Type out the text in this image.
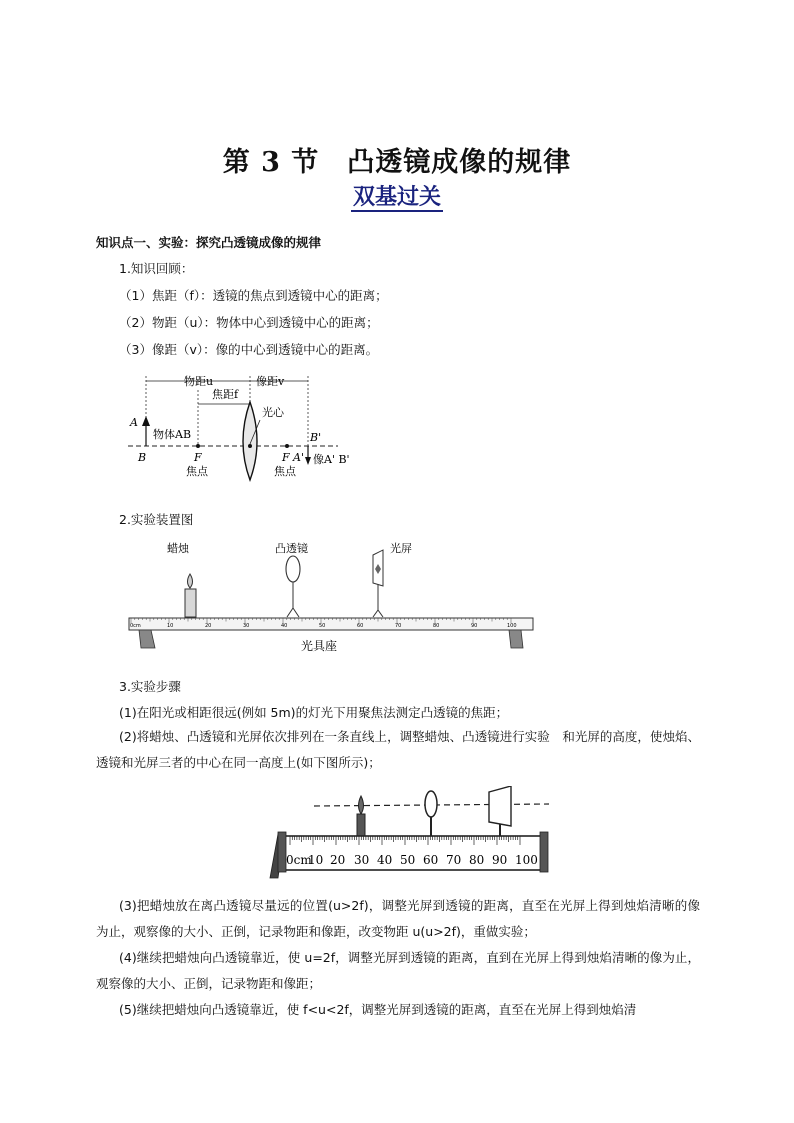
第 3 节 凸透镜成像的规律
双基过关
知识点一、实验：探究凸透镜成像的规律
1.知识回顾：
（1）焦距（f）：透镜的焦点到透镜中心的距离；
（2）物距（u）：物体中心到透镜中心的距离；
（3）像距（v）：像的中心到透镜中心的距离。
物距u	像距v
焦距f
光心
A
B
物体AB
F
焦点
F
焦点
A'
B'
像A' B'
2.实验装置图
蜡烛	凸透镜	光屏
0cm	10	20	30	40	50	60	70	80	90	100
光具座
3.实验步骤
(1)在阳光或相距很远(例如 5m)的灯光下用聚焦法测定凸透镜的焦距；
(2)将蜡烛、凸透镜和光屏依次排列在一条直线上，调整蜡烛、凸透镜进行实验　和光屏的高度，使烛焰、透镜和光屏三者的中心在同一高度上(如下图所示)；
0cm
10 20 30 40 50 60 70 80 90 100
(3)把蜡烛放在离凸透镜尽量远的位置(u>2f)，调整光屏到透镜的距离，直至在光屏上得到烛焰清晰的像为止，观察像的大小、正倒，记录物距和像距，改变物距 u(u>2f)，重做实验；
(4)继续把蜡烛向凸透镜靠近，使 u=2f，调整光屏到透镜的距离，直到在光屏上得到烛焰清晰的像为止，观察像的大小、正倒，记录物距和像距；
(5)继续把蜡烛向凸透镜靠近，使 f<u<2f，调整光屏到透镜的距离，直至在光屏上得到烛焰清
